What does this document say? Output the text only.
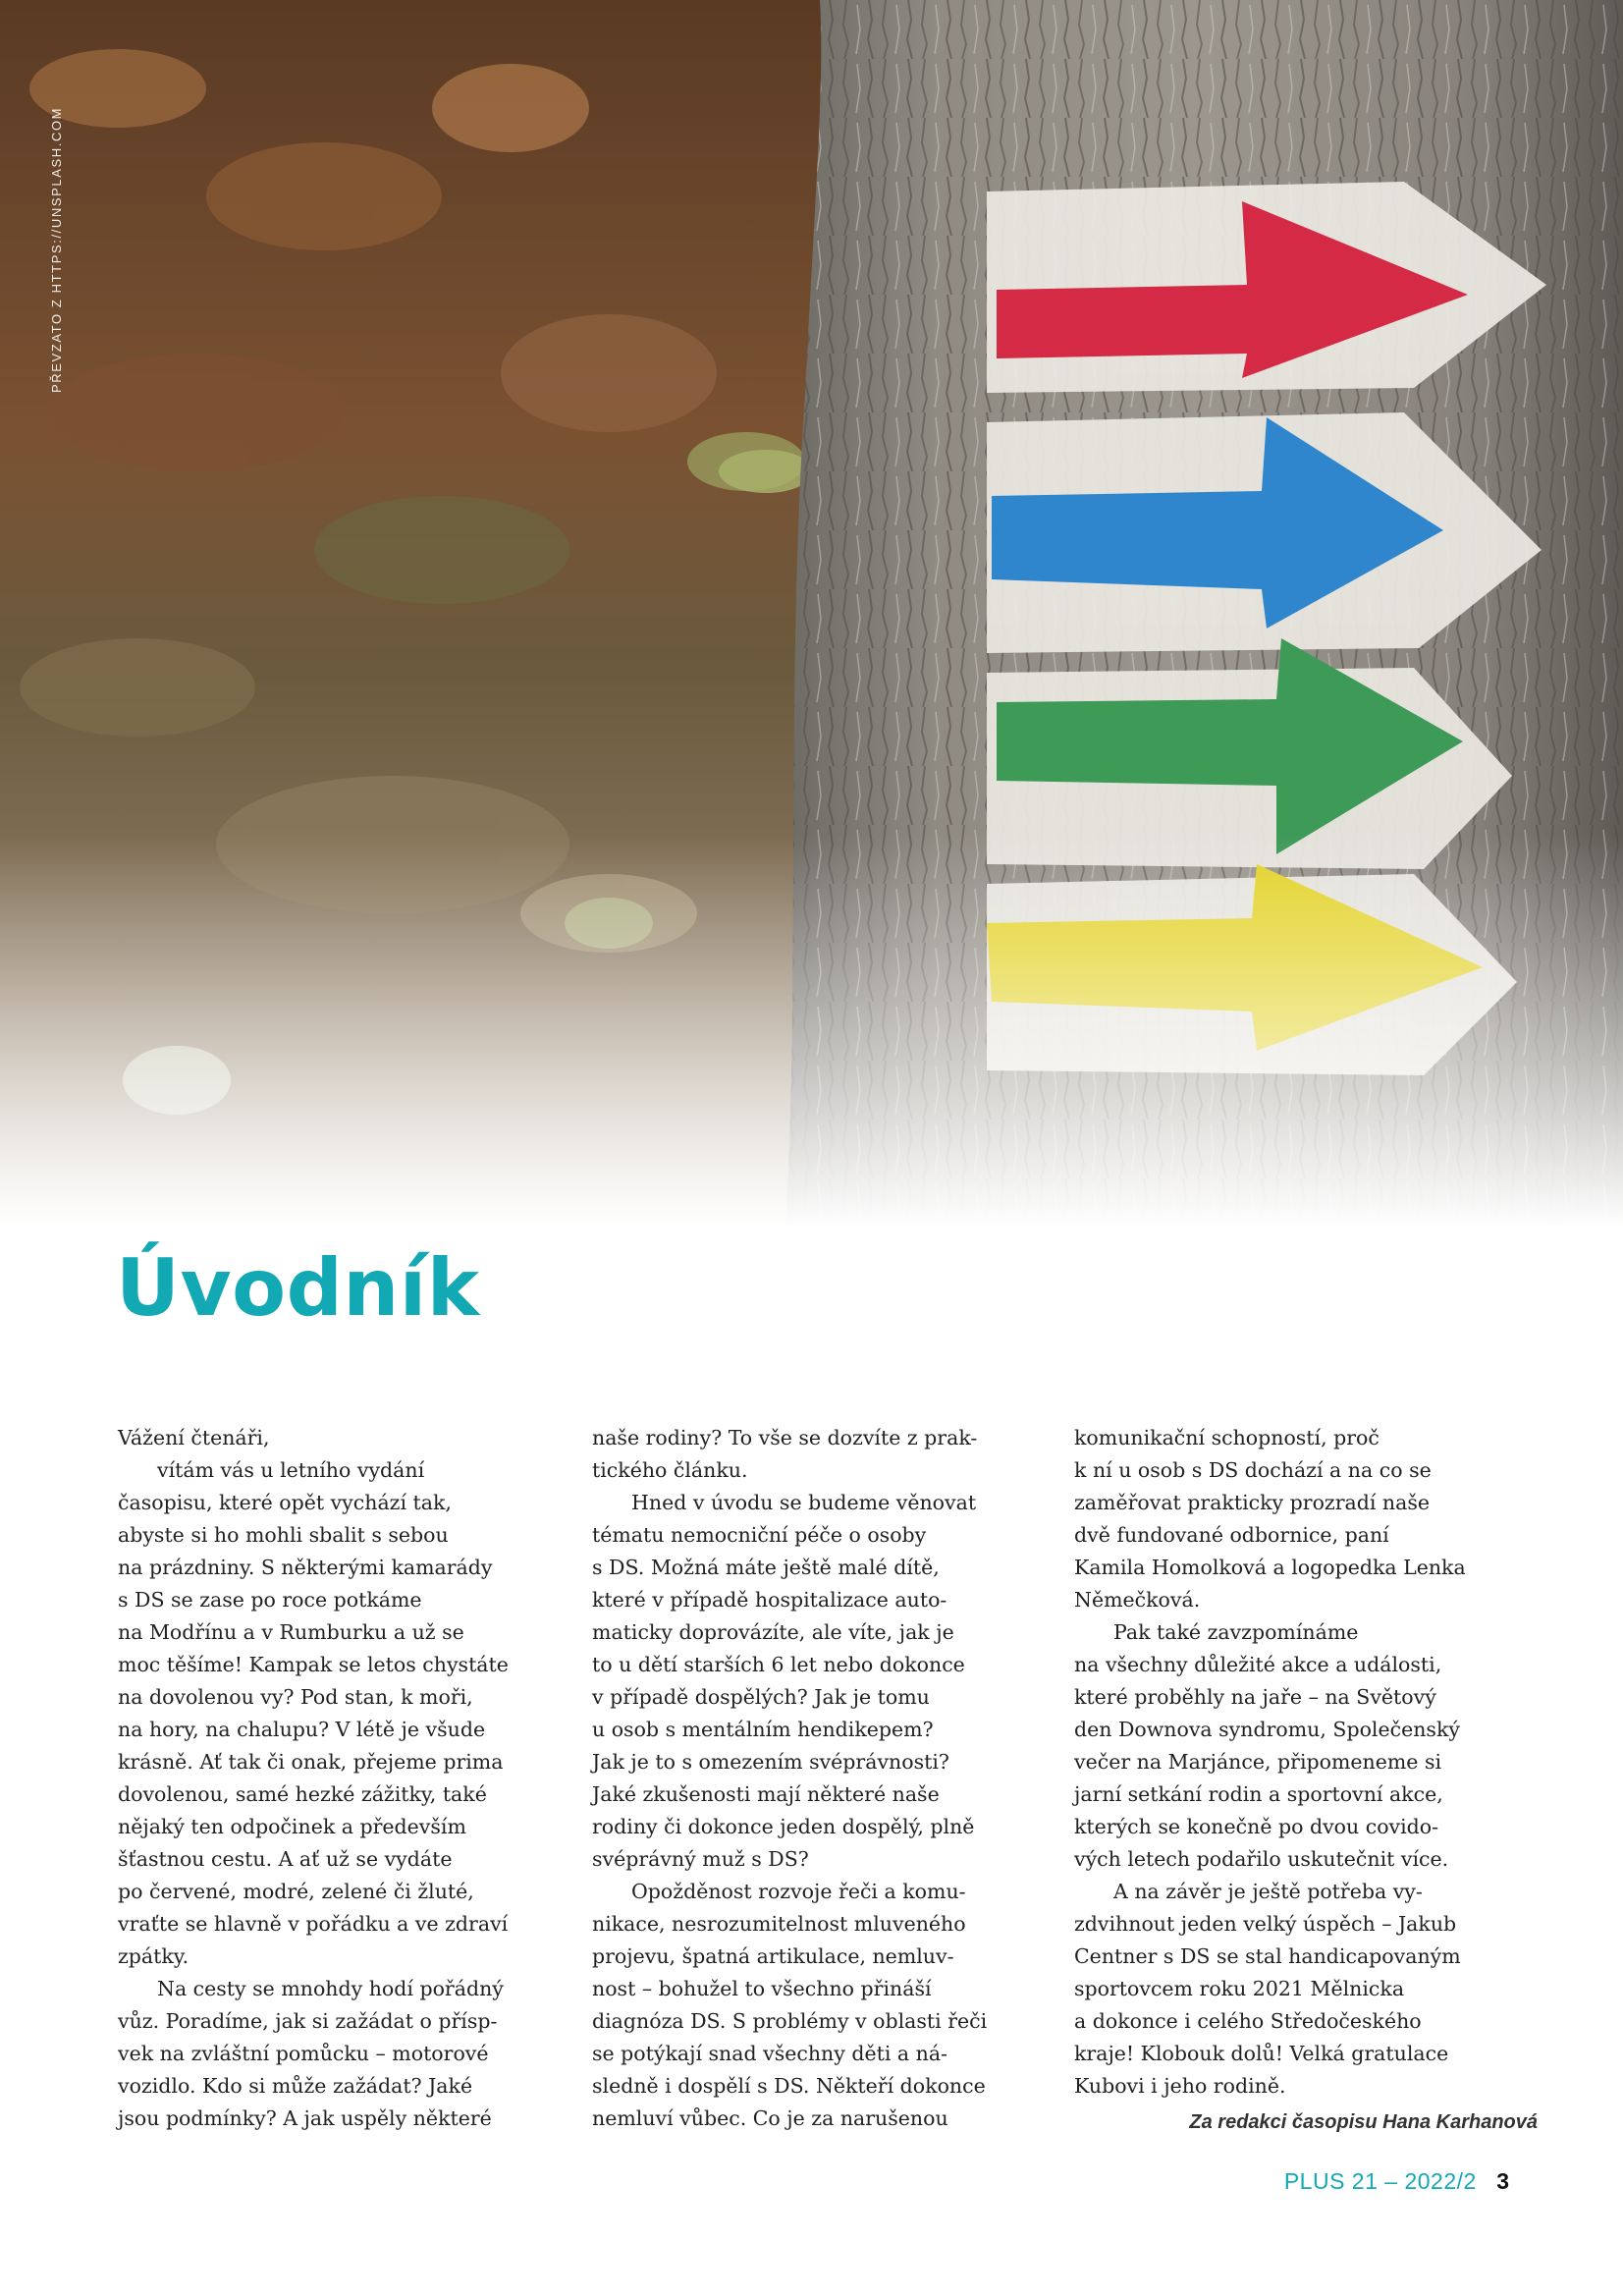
PŘEVZATO Z HTTPS://UNSPLASH.COM
Úvodník

Vážení čtenáři,

vítám vás u letního vydání
časopisu, které opět vychází tak,
abyste si ho mohli sbalit s sebou
na prázdniny. S některými kamarády
s DS se zase po roce potkáme
na Modřínu a v Rumburku a už se
moc těšíme! Kampak se letos chystáte
na dovolenou vy? Pod stan, k moři,
na hory, na chalupu? V létě je všude
krásně. Ať tak či onak, přejeme prima
dovolenou, samé hezké zážitky, také
nějaký ten odpočinek a především
šťastnou cestu. A ať už se vydáte
po červené, modré, zelené či žluté,
vraťte se hlavně v pořádku a ve zdraví
zpátky.

Na cesty se mnohdy hodí pořádný
vůz. Poradíme, jak si zažádat o přísp-
vek na zvláštní pomůcku – motorové
vozidlo. Kdo si může zažádat? Jaké
jsou podmínky? A jak uspěly některé

naše rodiny? To vše se dozvíte z prak-
tického článku.

Hned v úvodu se budeme věnovat
tématu nemocniční péče o osoby
s DS. Možná máte ještě malé dítě,
které v případě hospitalizace auto-
maticky doprovázíte, ale víte, jak je
to u dětí starších 6 let nebo dokonce
v případě dospělých? Jak je tomu
u osob s mentálním hendikepem?
Jak je to s omezením svéprávnosti?
Jaké zkušenosti mají některé naše
rodiny či dokonce jeden dospělý, plně
svéprávný muž s DS?

Opožděnost rozvoje řeči a komu-
nikace, nesrozumitelnost mluveného
projevu, špatná artikulace, nemluv-
nost – bohužel to všechno přináší
diagnóza DS. S problémy v oblasti řeči
se potýkají snad všechny děti a ná-
sledně i dospělí s DS. Někteří dokonce
nemluví vůbec. Co je za narušenou

komunikační schopností, proč
k ní u osob s DS dochází a na co se
zaměřovat prakticky prozradí naše
dvě fundované odbornice, paní
Kamila Homolková a logopedka Lenka
Němečková.

Pak také zavzpomínáme
na všechny důležité akce a události,
které proběhly na jaře – na Světový
den Downova syndromu, Společenský
večer na Marjánce, připomeneme si
jarní setkání rodin a sportovní akce,
kterých se konečně po dvou covido-
vých letech podařilo uskutečnit více.

A na závěr je ještě potřeba vy-
zdvihnout jeden velký úspěch – Jakub
Centner s DS se stal handicapovaným
sportovcem roku 2021 Mělnicka
a dokonce i celého Středočeského
kraje! Klobouk dolů! Velká gratulace
Kubovi i jeho rodině.

Za redakci časopisu Hana Karhanová

PLUS 21 – 2022/2 3
